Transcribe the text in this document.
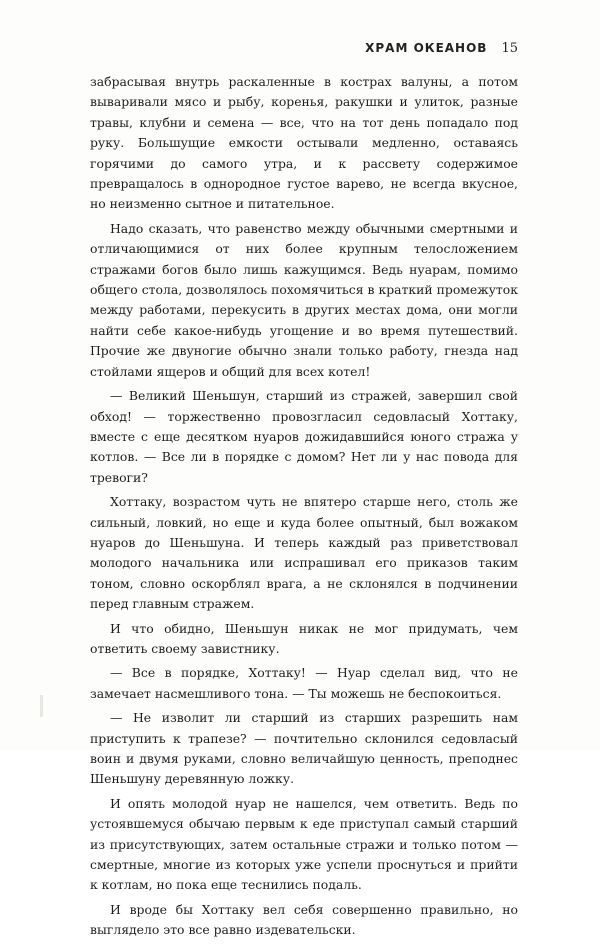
ХРАМ ОКЕАНОВ 15

забрасывая внутрь раскаленные в кострах валуны, а потом вываривали мясо и рыбу, коренья, ракушки и улиток, разные травы, клубни и семена — все, что на тот день попадало под руку. Большущие емкости остывали медленно, оставаясь горячими до самого утра, и к рассвету содержимое превращалось в однородное густое варево, не всегда вкусное, но неизменно сытное и питательное.

Надо сказать, что равенство между обычными смертными и отличающимися от них более крупным телосложением стражами богов было лишь кажущимся. Ведь нуарам, помимо общего стола, дозволялось похомячиться в краткий промежуток между работами, перекусить в других местах дома, они могли найти себе какое-нибудь угощение и во время путешествий. Прочие же двуногие обычно знали только работу, гнезда над стойлами ящеров и общий для всех котел!

— Великий Шеньшун, старший из стражей, завершил свой обход! — торжественно провозгласил седовласый Хоттаку, вместе с еще десятком нуаров дожидавшийся юного стража у котлов. — Все ли в порядке с домом? Нет ли у нас повода для тревоги?

Хоттаку, возрастом чуть не впятеро старше него, столь же сильный, ловкий, но еще и куда более опытный, был вожаком нуаров до Шеньшуна. И теперь каждый раз приветствовал молодого начальника или испрашивал его приказов таким тоном, словно оскорблял врага, а не склонялся в подчинении перед главным стражем.

И что обидно, Шеньшун никак не мог придумать, чем ответить своему завистнику.

— Все в порядке, Хоттаку! — Нуар сделал вид, что не замечает насмешливого тона. — Ты можешь не беспокоиться.

— Не изволит ли старший из старших разрешить нам приступить к трапезе? — почтительно склонился седовласый воин и двумя руками, словно величайшую ценность, преподнес Шеньшуну деревянную ложку.

И опять молодой нуар не нашелся, чем ответить. Ведь по устоявшемуся обычаю первым к еде приступал самый старший из присутствующих, затем остальные стражи и только потом — смертные, многие из которых уже успели проснуться и прийти к котлам, но пока еще теснились подаль.

И вроде бы Хоттаку вел себя совершенно правильно, но выглядело это все равно издевательски.
